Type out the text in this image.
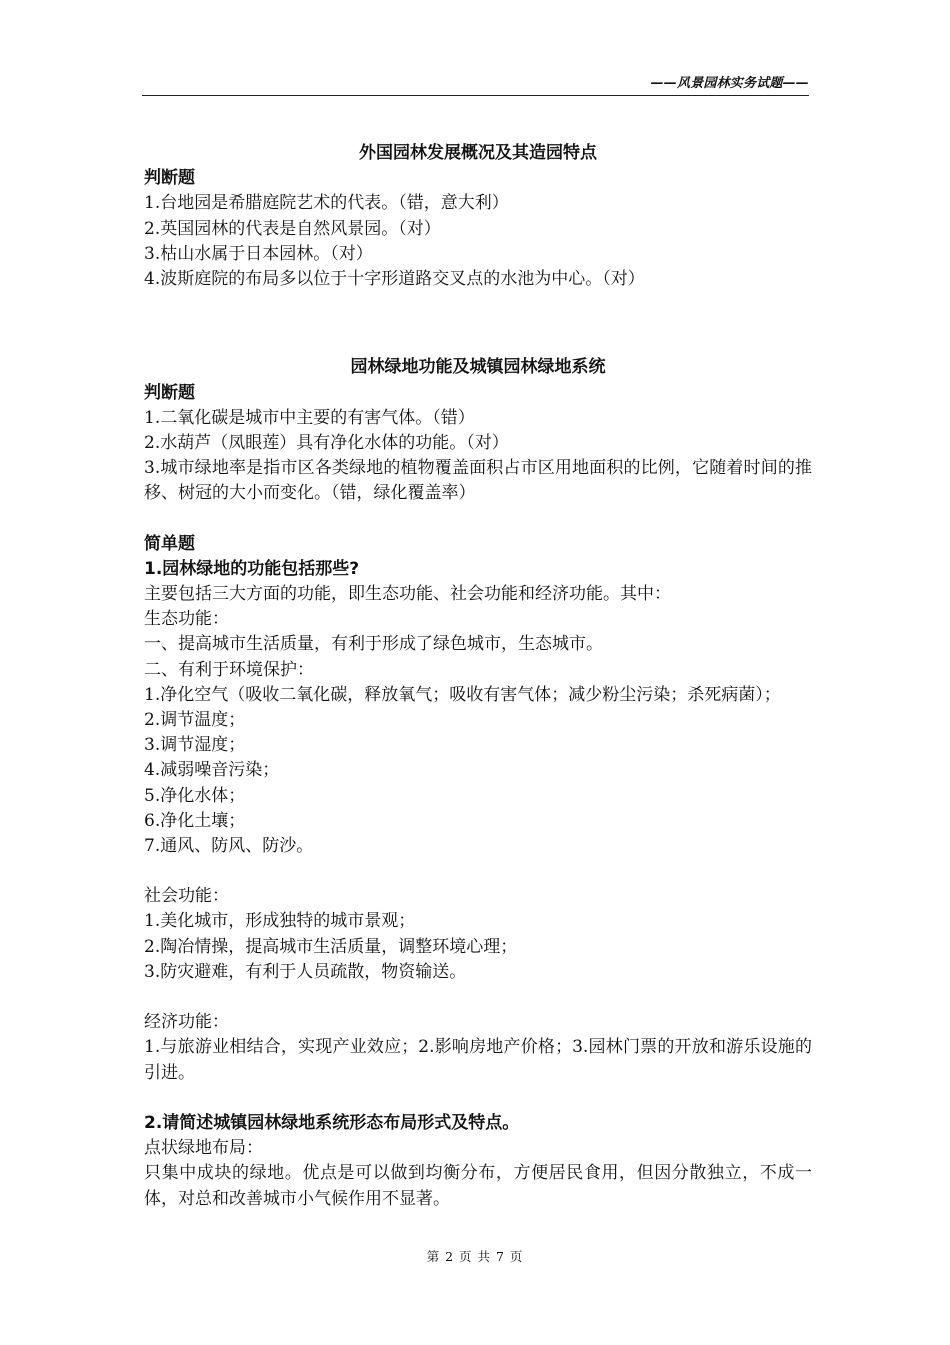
——风景园林实务试题——
外国园林发展概况及其造园特点
判断题
1.台地园是希腊庭院艺术的代表。（错，意大利）
2.英国园林的代表是自然风景园。（对）
3.枯山水属于日本园林。（对）
4.波斯庭院的布局多以位于十字形道路交叉点的水池为中心。（对）
园林绿地功能及城镇园林绿地系统
判断题
1.二氧化碳是城市中主要的有害气体。（错）
2.水葫芦（凤眼莲）具有净化水体的功能。（对）
3.城市绿地率是指市区各类绿地的植物覆盖面积占市区用地面积的比例，它随着时间的推移、树冠的大小而变化。（错，绿化覆盖率）
简单题
1.园林绿地的功能包括那些?
主要包括三大方面的功能，即生态功能、社会功能和经济功能。其中：
生态功能：
一、提高城市生活质量，有利于形成了绿色城市，生态城市。
二、有利于环境保护：
1.净化空气（吸收二氧化碳，释放氧气；吸收有害气体；减少粉尘污染；杀死病菌）；
2.调节温度；
3.调节湿度；
4.减弱噪音污染；
5.净化水体；
6.净化土壤；
7.通风、防风、防沙。
社会功能：
1.美化城市，形成独特的城市景观；
2.陶冶情操，提高城市生活质量，调整环境心理；
3.防灾避难，有利于人员疏散，物资输送。
经济功能：
1.与旅游业相结合，实现产业效应；2.影响房地产价格；3.园林门票的开放和游乐设施的引进。
2.请简述城镇园林绿地系统形态布局形式及特点。
点状绿地布局：
只集中成块的绿地。优点是可以做到均衡分布，方便居民食用，但因分散独立，不成一体，对总和改善城市小气候作用不显著。
第 2 页 共 7 页
